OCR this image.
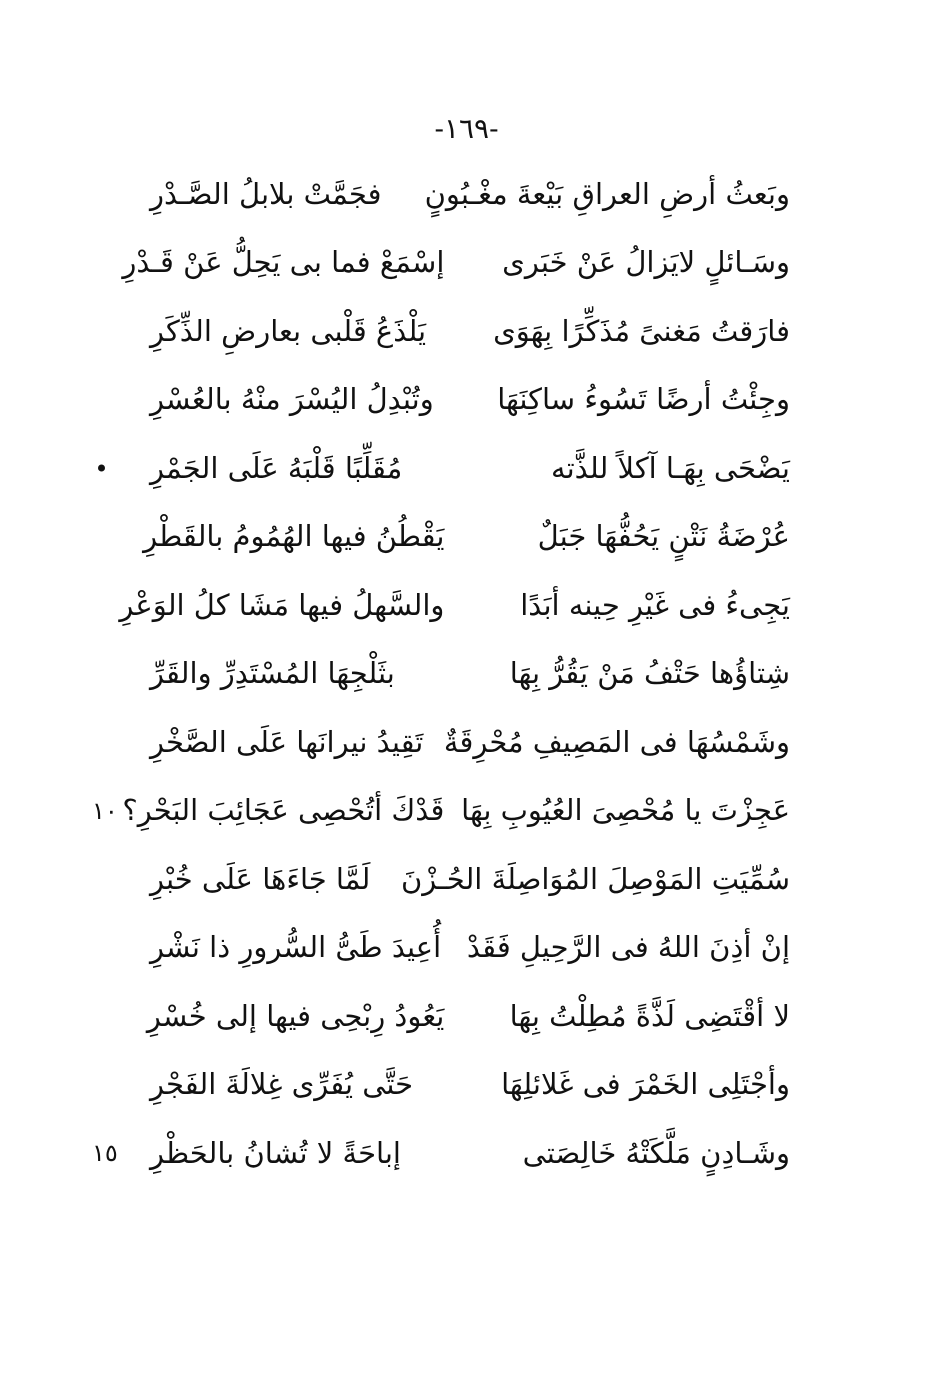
-١٦٩-
وبَعثُ أرضِ العراقِ بَيْعةَ مغْـبُونٍ
فجَمَّتْ بلابلُ الصَّـدْرِ
وسَـائلٍ لايَزالُ عَنْ خَبَرى
إسْمَعْ فما بى يَحِلُّ عَنْ قَـدْرِ
فارَقتُ مَغنىً مُذَكِّرًا بِهَوَى
يَلْذَعُ قَلْبى بعارضِ الذِّكَرِ
وجِئْتُ أرضًا تَسُوءُ ساكِنَهَا
وتُبْدِلُ اليُسْرَ منْهُ بالعُسْرِ
يَضْحَى بِهَـا آكلاً للذَّته
مُقَلِّبًا قَلْبَهُ عَلَى الجَمْرِ
عُرْضَةُ نَتْنٍ يَحُفُّهَا جَبَلٌ
يَقْطُنُ فيها الهُمُومُ بالقَطْرِ
يَجِىءُ فى غَيْرِ حِينه أبَدًا
والسَّهلُ فيها مَشَا كلُ الوَعْرِ
شِتاؤُها حَتْفُ مَنْ يَقُرُّ بِهَا
بثَلْجِهَا المُسْتَدِرِّ والقَرِّ
وشَمْسُهَا فى المَصِيفِ مُحْرِقَةٌ
تَقِيدُ نيرانَها عَلَى الصَّخْرِ
عَجِزْتَ يا مُحْصِىَ العُيُوبِ بِهَا
قَدْكَ أتُحْصِى عَجَائِبَ البَحْرِ؟
١٠
سُمِّيَتِ المَوْصِلَ المُوَاصِلَةَ الحُـزْنَ
لَمَّا جَاءَهَا عَلَى خُبْرِ
إنْ أذِنَ اللهُ فى الرَّحِيلِ فَقَدْ
أُعِيدَ طَىُّ السُّرورِ ذا نَشْرِ
لا أقْتَضِى لَذَّةً مُطِلْتُ بِهَا
يَعُودُ رِبْحِى فيها إلى خُسْرِ
وأجْتَلِى الخَمْرَ فى غَلائلِهَا
حَتَّى يُفَرِّى غِلالَةَ الفَجْرِ
وشَـادِنٍ مَلَّكَتْهُ خَالِصَتى
إباحَةً لا تُشانُ بالحَظْرِ
١٥
